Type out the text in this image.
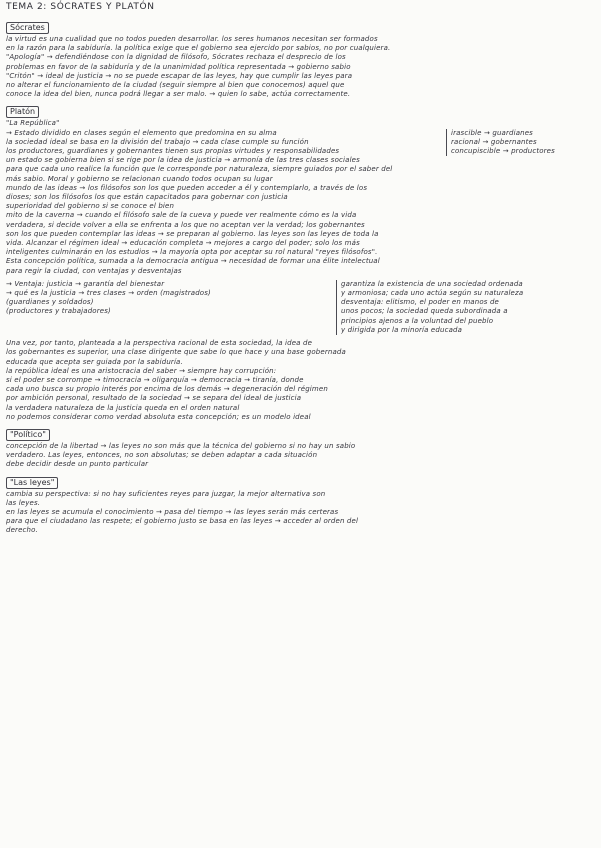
TEMA 2: SÓCRATES Y PLATÓN
Sócrates
la virtud es una cualidad que no todos pueden desarrollar. los seres humanos necesitan ser formados
en la razón para la sabiduría. la política exige que el gobierno sea ejercido por sabios, no por cualquiera.
"Apología" → defendiéndose con la dignidad de filósofo, Sócrates rechaza el desprecio de los
problemas en favor de la sabiduría y de la unanimidad política representada → gobierno sabio
"Critón" → ideal de justicia → no se puede escapar de las leyes, hay que cumplir las leyes para
no alterar el funcionamiento de la ciudad (seguir siempre al bien que conocemos) aquel que
conoce la idea del bien, nunca podrá llegar a ser malo. → quien lo sabe, actúa correctamente.
Platón
"La República"
→ Estado dividido en clases según el elemento que predomina en su alma
la sociedad ideal se basa en la división del trabajo → cada clase cumple su función
los productores, guardianes y gobernantes tienen sus propias virtudes y responsabilidades
irascible → guardianes
racional → gobernantes
concupiscible → productores
un estado se gobierna bien si se rige por la idea de justicia → armonía de las tres clases sociales
para que cada uno realice la función que le corresponde por naturaleza, siempre guiados por el saber del
más sabio. Moral y gobierno se relacionan cuando todos ocupan su lugar
mundo de las ideas → los filósofos son los que pueden acceder a él y contemplarlo, a través de los
dioses; son los filósofos los que están capacitados para gobernar con justicia
superioridad del gobierno si se conoce el bien
mito de la caverna → cuando el filósofo sale de la cueva y puede ver realmente cómo es la vida
verdadera, si decide volver a ella se enfrenta a los que no aceptan ver la verdad; los gobernantes
son los que pueden contemplar las ideas → se preparan al gobierno. las leyes son las leyes de toda la
vida. Alcanzar el régimen ideal → educación completa → mejores a cargo del poder; solo los más
inteligentes culminarán en los estudios → la mayoría opta por aceptar su rol natural "reyes filósofos".
Esta concepción política, sumada a la democracia antigua → necesidad de formar una élite intelectual
para regir la ciudad, con ventajas y desventajas
→ Ventaja: justicia → garantía del bienestar
→ qué es la justicia → tres clases → orden (magistrados)
(guardianes y soldados)
(productores y trabajadores)
garantiza la existencia de una sociedad ordenada
y armoniosa; cada uno actúa según su naturaleza
desventaja: elitismo, el poder en manos de
unos pocos; la sociedad queda subordinada a
principios ajenos a la voluntad del pueblo
y dirigida por la minoría educada
Una vez, por tanto, planteada a la perspectiva racional de esta sociedad, la idea de
los gobernantes es superior, una clase dirigente que sabe lo que hace y una base gobernada
educada que acepta ser guiada por la sabiduría.
la república ideal es una aristocracia del saber → siempre hay corrupción:
si el poder se corrompe → timocracia → oligarquía → democracia → tiranía, donde
cada uno busca su propio interés por encima de los demás → degeneración del régimen
por ambición personal, resultado de la sociedad → se separa del ideal de justicia
la verdadera naturaleza de la justicia queda en el orden natural
no podemos considerar como verdad absoluta esta concepción; es un modelo ideal
"Político"
concepción de la libertad → las leyes no son más que la técnica del gobierno si no hay un sabio
verdadero. Las leyes, entonces, no son absolutas; se deben adaptar a cada situación
debe decidir desde un punto particular
"Las leyes"
cambia su perspectiva: si no hay suficientes reyes para juzgar, la mejor alternativa son
las leyes.
en las leyes se acumula el conocimiento → pasa del tiempo → las leyes serán más certeras
para que el ciudadano las respete; el gobierno justo se basa en las leyes → acceder al orden del
derecho.
